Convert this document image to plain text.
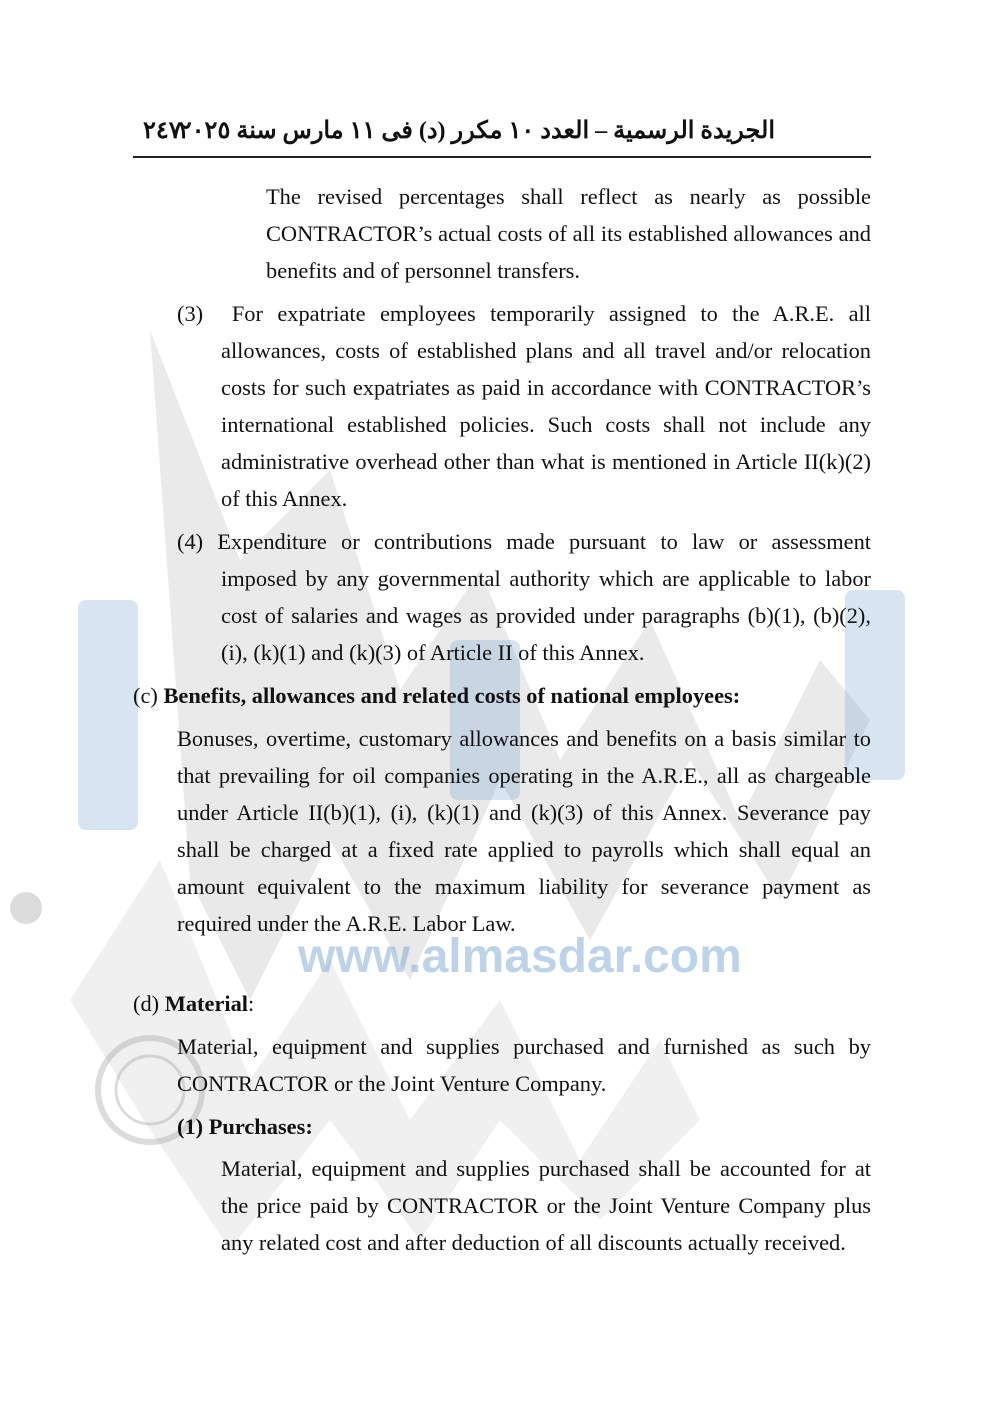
www.almasdar.com
٢٤٧
الجريدة الرسمية – العدد ١٠ مكرر (د) فى ١١ مارس سنة ٢٠٢٥

The revised percentages shall reflect as nearly as possible CONTRACTOR’s actual costs of all its established allowances and benefits and of personnel transfers.

(3) For expatriate employees temporarily assigned to the A.R.E. all allowances, costs of established plans and all travel and/or relocation costs for such expatriates as paid in accordance with CONTRACTOR’s international established policies. Such costs shall not include any administrative overhead other than what is mentioned in Article II(k)(2) of this Annex.
(4) Expenditure or contributions made pursuant to law or assessment imposed by any governmental authority which are applicable to labor cost of salaries and wages as provided under paragraphs (b)(1), (b)(2), (i), (k)(1) and (k)(3) of Article II of this Annex.
(c) Benefits, allowances and related costs of national employees:

Bonuses, overtime, customary allowances and benefits on a basis similar to that prevailing for oil companies operating in the A.R.E., all as chargeable under Article II(b)(1), (i), (k)(1) and (k)(3) of this Annex. Severance pay shall be charged at a fixed rate applied to payrolls which shall equal an amount equivalent to the maximum liability for severance payment as required under the A.R.E. Labor Law.

(d) Material:

Material, equipment and supplies purchased and furnished as such by CONTRACTOR or the Joint Venture Company.

(1) Purchases:

Material, equipment and supplies purchased shall be accounted for at the price paid by CONTRACTOR or the Joint Venture Company plus any related cost and after deduction of all discounts actually received.
